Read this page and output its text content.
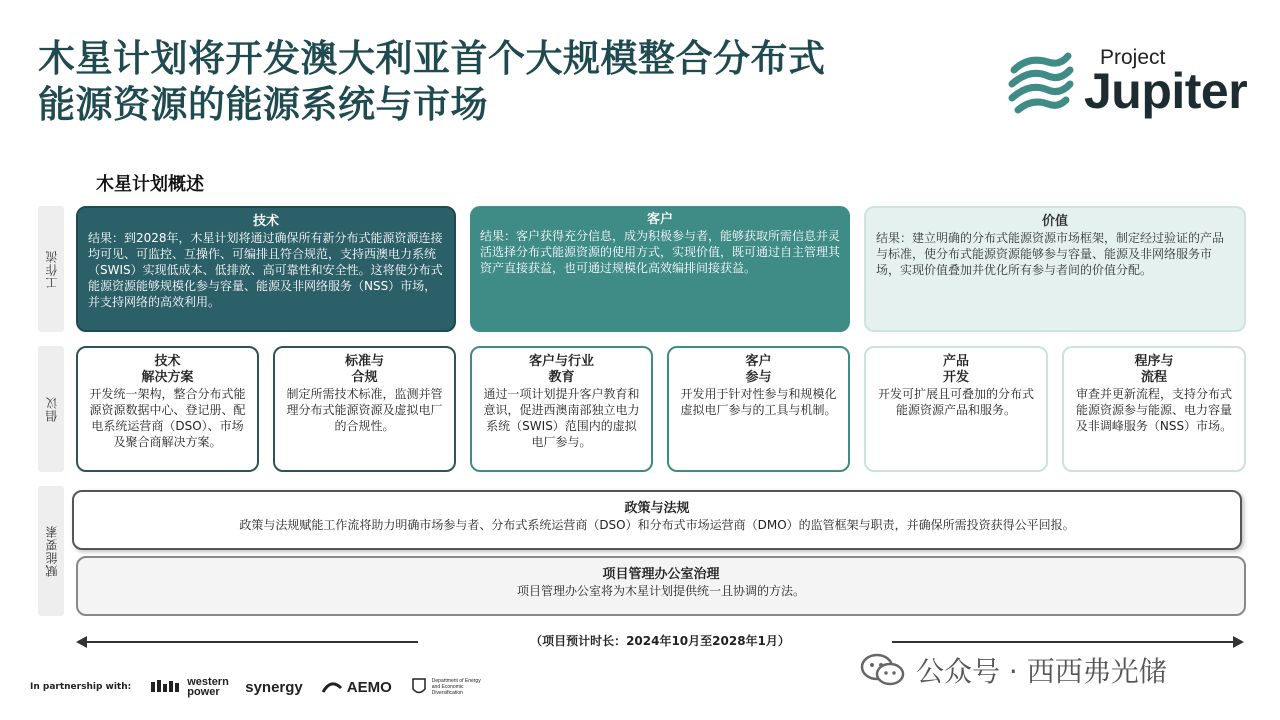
木星计划将开发澳大利亚首个大规模整合分布式
能源资源的能源系统与市场
Project
Jupiter
木星计划概述
工作流
倡议
赋能要素
技术
结果：到2028年，木星计划将通过确保所有新分布式能源资源连接均可见、可监控、互操作、可编排且符合规范，支持西澳电力系统（SWIS）实现低成本、低排放、高可靠性和安全性。这将使分布式能源资源能够规模化参与容量、能源及非网络服务（NSS）市场，并支持网络的高效利用。
客户
结果：客户获得充分信息，成为积极参与者，能够获取所需信息并灵活选择分布式能源资源的使用方式，实现价值，既可通过自主管理其资产直接获益，也可通过规模化高效编排间接获益。
价值
结果：建立明确的分布式能源资源市场框架，制定经过验证的产品与标准，使分布式能源资源能够参与容量、能源及非网络服务市场，实现价值叠加并优化所有参与者间的价值分配。
技术
解决方案
开发统一架构，整合分布式能源资源数据中心、登记册、配电系统运营商（DSO）、市场及聚合商解决方案。
标准与
合规
制定所需技术标准，监测并管理分布式能源资源及虚拟电厂的合规性。
客户与行业
教育
通过一项计划提升客户教育和意识，促进西澳南部独立电力系统（SWIS）范围内的虚拟电厂参与。
客户
参与
开发用于针对性参与和规模化虚拟电厂参与的工具与机制。
产品
开发
开发可扩展且可叠加的分布式能源资源产品和服务。
程序与
流程
审查并更新流程，支持分布式能源资源参与能源、电力容量及非调峰服务（NSS）市场。
政策与法规
政策与法规赋能工作流将助力明确市场参与者、分布式系统运营商（DSO）和分布式市场运营商（DMO）的监管框架与职责，并确保所需投资获得公平回报。
项目管理办公室治理
项目管理办公室将为木星计划提供统一且协调的方法。
（项目预计时长：2024年10月至2028年1月）
In partnership with:	western power	synergy	AEMO	Department of Energy and Economic Diversification
公众号 · 西西弗光储
